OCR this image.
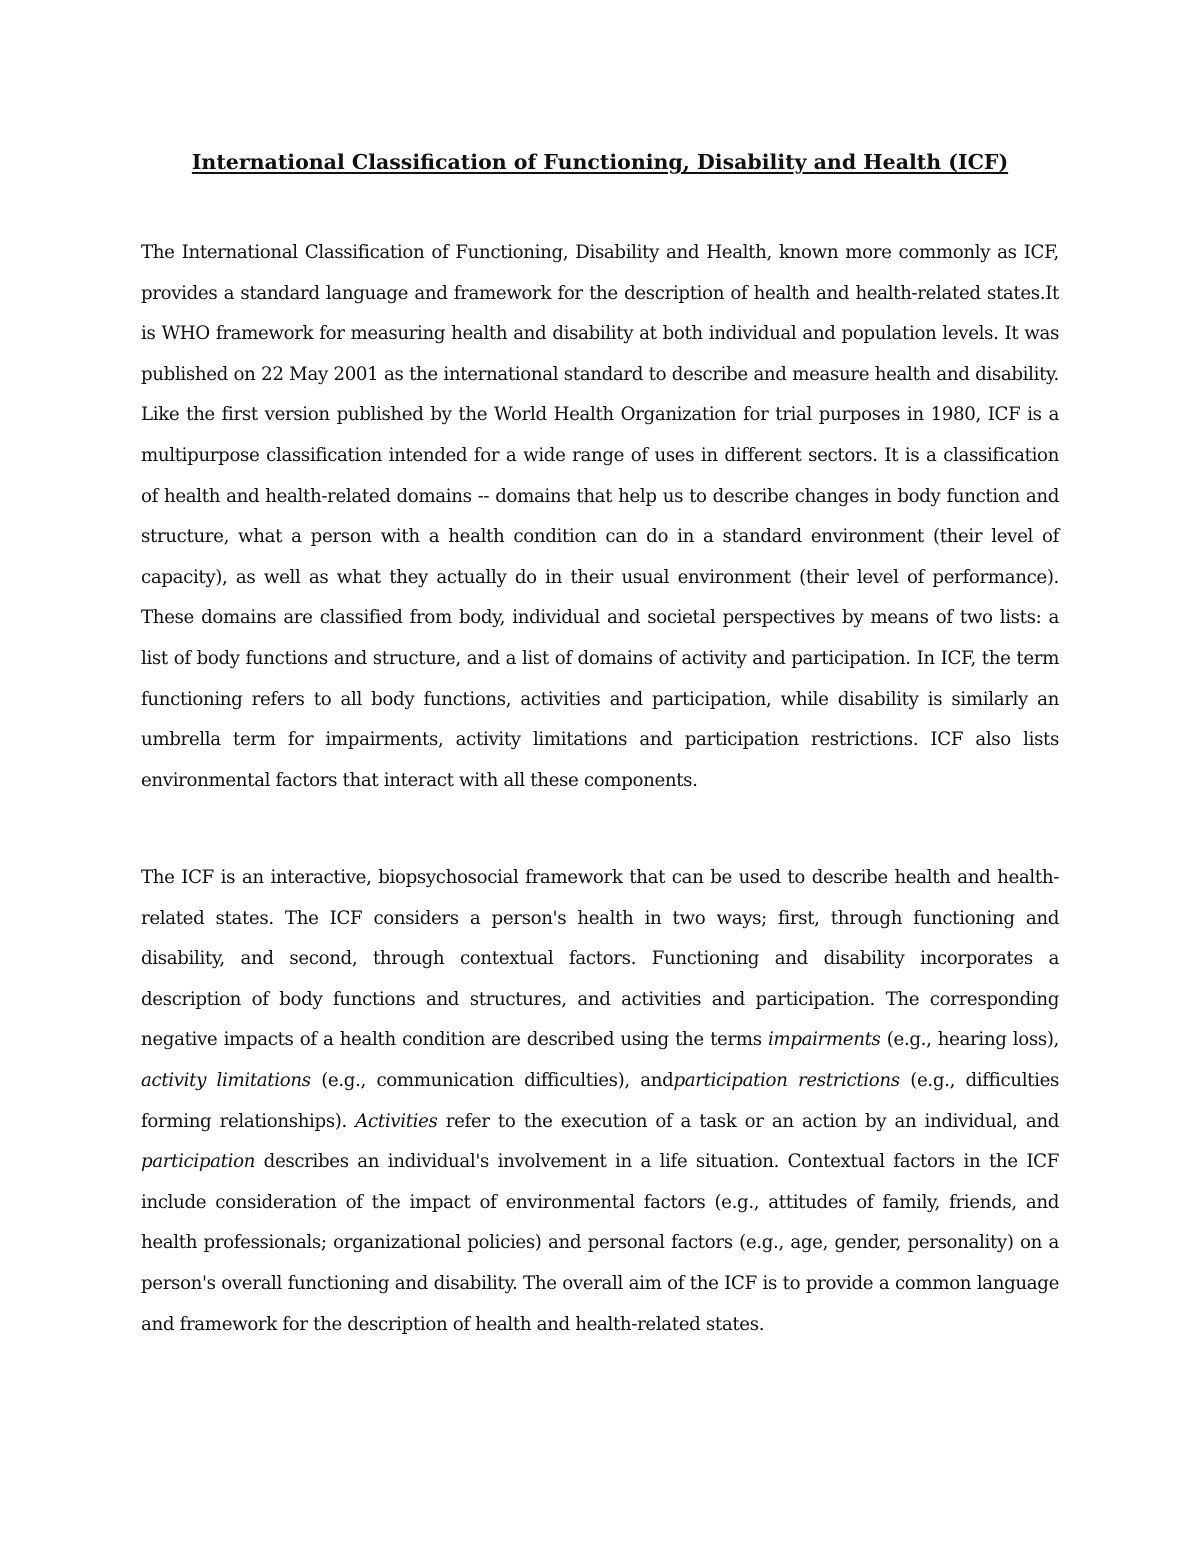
International Classification of Functioning, Disability and Health (ICF)

The International Classification of Functioning, Disability and Health, known more commonly as ICF, provides a standard language and framework for the description of health and health-related states.It is WHO framework for measuring health and disability at both individual and population levels. It was published on 22 May 2001 as the international standard to describe and measure health and disability. Like the first version published by the World Health Organization for trial purposes in 1980, ICF is a multipurpose classification intended for a wide range of uses in different sectors. It is a classification of health and health-related domains -- domains that help us to describe changes in body function and structure, what a person with a health condition can do in a standard environment (their level of capacity), as well as what they actually do in their usual environment (their level of performance). These domains are classified from body, individual and societal perspectives by means of two lists: a list of body functions and structure, and a list of domains of activity and participation. In ICF, the term functioning refers to all body functions, activities and participation, while disability is similarly an umbrella term for impairments, activity limitations and participation restrictions. ICF also lists environmental factors that interact with all these components.

The ICF is an interactive, biopsychosocial framework that can be used to describe health and health-related states. The ICF considers a person's health in two ways; first, through functioning and disability, and second, through contextual factors. Functioning and disability incorporates a description of body functions and structures, and activities and participation. The corresponding negative impacts of a health condition are described using the terms impairments (e.g., hearing loss), activity limitations (e.g., communication difficulties), andparticipation restrictions (e.g., difficulties forming relationships). Activities refer to the execution of a task or an action by an individual, and participation describes an individual's involvement in a life situation. Contextual factors in the ICF include consideration of the impact of environmental factors (e.g., attitudes of family, friends, and health professionals; organizational policies) and personal factors (e.g., age, gender, personality) on a person's overall functioning and disability. The overall aim of the ICF is to provide a common language and framework for the description of health and health-related states.
